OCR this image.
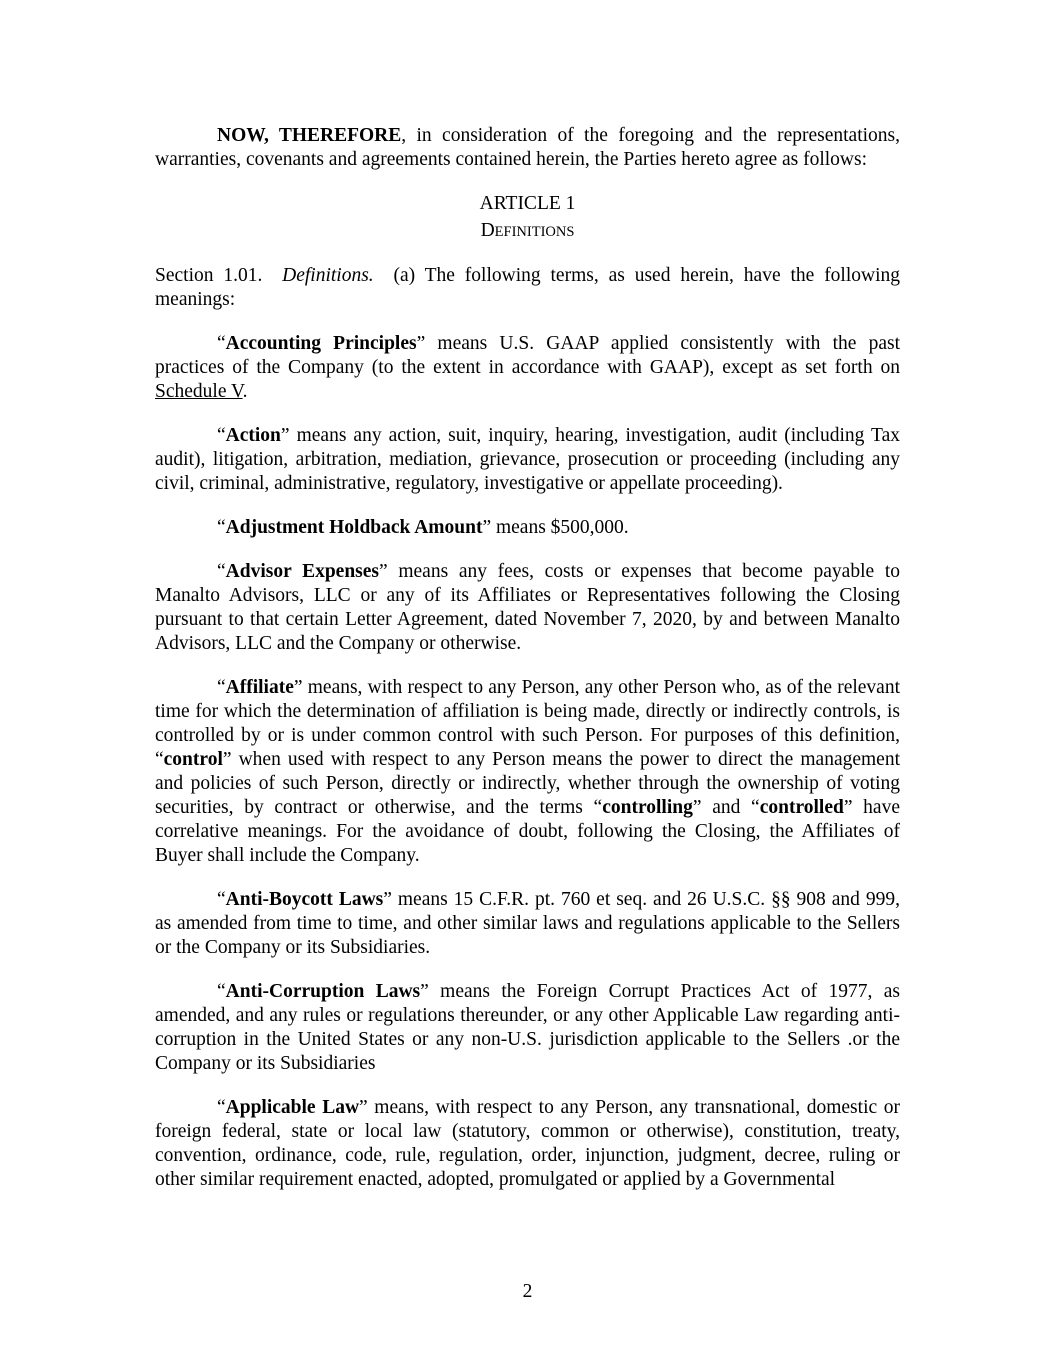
NOW, THEREFORE, in consideration of the foregoing and the representations, warranties, covenants and agreements contained herein, the Parties hereto agree as follows:

ARTICLE 1

DEFINITIONS

Section 1.01. Definitions. (a) The following terms, as used herein, have the following meanings:

“Accounting Principles” means U.S. GAAP applied consistently with the past practices of the Company (to the extent in accordance with GAAP), except as set forth on Schedule V.

“Action” means any action, suit, inquiry, hearing, investigation, audit (including Tax audit), litigation, arbitration, mediation, grievance, prosecution or proceeding (including any civil, criminal, administrative, regulatory, investigative or appellate proceeding).

“Adjustment Holdback Amount” means $500,000.

“Advisor Expenses” means any fees, costs or expenses that become payable to Manalto Advisors, LLC or any of its Affiliates or Representatives following the Closing pursuant to that certain Letter Agreement, dated November 7, 2020, by and between Manalto Advisors, LLC and the Company or otherwise.

“Affiliate” means, with respect to any Person, any other Person who, as of the relevant time for which the determination of affiliation is being made, directly or indirectly controls, is controlled by or is under common control with such Person. For purposes of this definition, “control” when used with respect to any Person means the power to direct the management and policies of such Person, directly or indirectly, whether through the ownership of voting securities, by contract or otherwise, and the terms “controlling” and “controlled” have correlative meanings. For the avoidance of doubt, following the Closing, the Affiliates of Buyer shall include the Company.

“Anti-Boycott Laws” means 15 C.F.R. pt. 760 et seq. and 26 U.S.C. §§ 908 and 999, as amended from time to time, and other similar laws and regulations applicable to the Sellers or the Company or its Subsidiaries.

“Anti-Corruption Laws” means the Foreign Corrupt Practices Act of 1977, as amended, and any rules or regulations thereunder, or any other Applicable Law regarding anti-corruption in the United States or any non-U.S. jurisdiction applicable to the Sellers .or the Company or its Subsidiaries

“Applicable Law” means, with respect to any Person, any transnational, domestic or foreign federal, state or local law (statutory, common or otherwise), constitution, treaty, convention, ordinance, code, rule, regulation, order, injunction, judgment, decree, ruling or other similar requirement enacted, adopted, promulgated or applied by a Governmental

2
